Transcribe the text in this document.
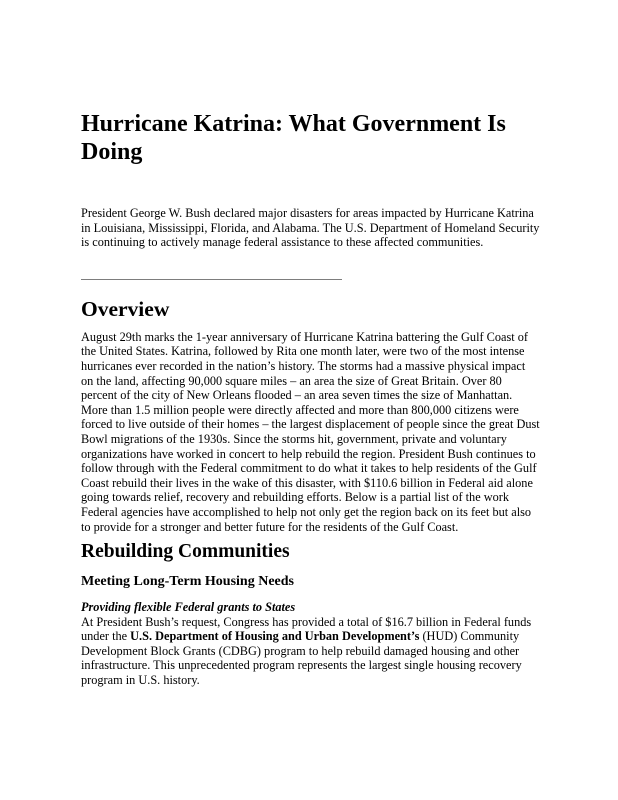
Hurricane Katrina: What Government Is Doing

President George W. Bush declared major disasters for areas impacted by Hurricane Katrina in Louisiana, Mississippi, Florida, and Alabama. The U.S. Department of Homeland Security is continuing to actively manage federal assistance to these affected communities.

Overview

August 29th marks the 1-year anniversary of Hurricane Katrina battering the Gulf Coast of the United States. Katrina, followed by Rita one month later, were two of the most intense hurricanes ever recorded in the nation’s history. The storms had a massive physical impact on the land, affecting 90,000 square miles – an area the size of Great Britain. Over 80 percent of the city of New Orleans flooded – an area seven times the size of Manhattan. More than 1.5 million people were directly affected and more than 800,000 citizens were forced to live outside of their homes – the largest displacement of people since the great Dust Bowl migrations of the 1930s. Since the storms hit, government, private and voluntary organizations have worked in concert to help rebuild the region. President Bush continues to follow through with the Federal commitment to do what it takes to help residents of the Gulf Coast rebuild their lives in the wake of this disaster, with $110.6 billion in Federal aid alone going towards relief, recovery and rebuilding efforts. Below is a partial list of the work Federal agencies have accomplished to help not only get the region back on its feet but also to provide for a stronger and better future for the residents of the Gulf Coast.

Rebuilding Communities
Meeting Long-Term Housing Needs

Providing flexible Federal grants to States
At President Bush’s request, Congress has provided a total of $16.7 billion in Federal funds under the U.S. Department of Housing and Urban Development’s (HUD) Community Development Block Grants (CDBG) program to help rebuild damaged housing and other infrastructure. This unprecedented program represents the largest single housing recovery program in U.S. history.
